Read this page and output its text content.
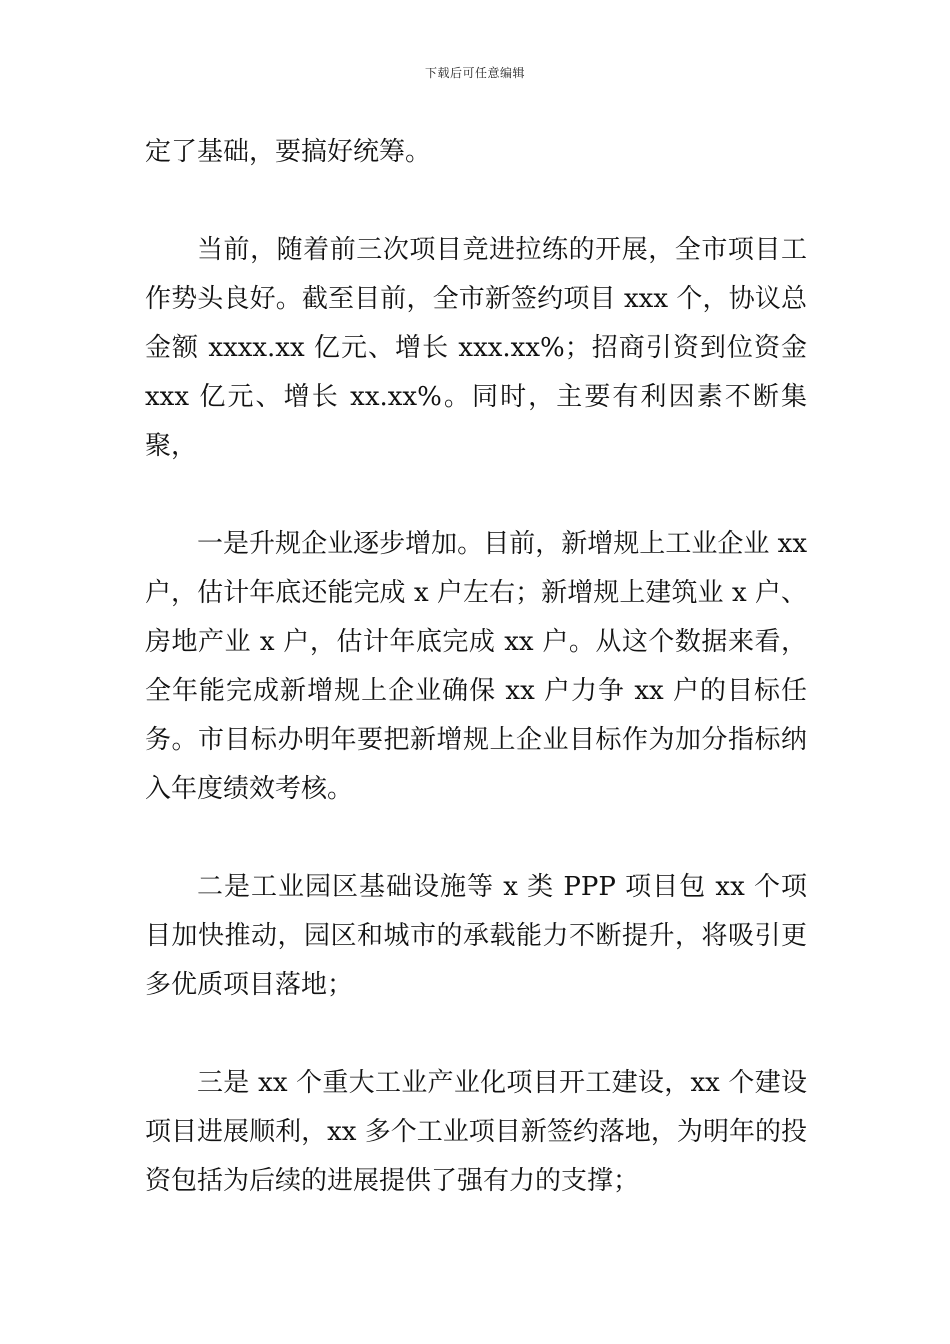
下载后可任意编辑

定了基础，要搞好统筹。

当前，随着前三次项目竞进拉练的开展，全市项目工作势头良好。截至目前，全市新签约项目 xxx 个，协议总金额 xxxx.xx 亿元、增长 xxx.xx%；招商引资到位资金 xxx 亿元、增长 xx.xx%。同时，主要有利因素不断集聚，

一是升规企业逐步增加。目前，新增规上工业企业 xx 户，估计年底还能完成 x 户左右；新增规上建筑业 x 户、房地产业 x 户，估计年底完成 xx 户。从这个数据来看，全年能完成新增规上企业确保 xx 户力争 xx 户的目标任务。市目标办明年要把新增规上企业目标作为加分指标纳入年度绩效考核。

二是工业园区基础设施等 x 类 PPP 项目包 xx 个项目加快推动，园区和城市的承载能力不断提升，将吸引更多优质项目落地；

三是 xx 个重大工业产业化项目开工建设，xx 个建设项目进展顺利，xx 多个工业项目新签约落地，为明年的投资包括为后续的进展提供了强有力的支撑；
